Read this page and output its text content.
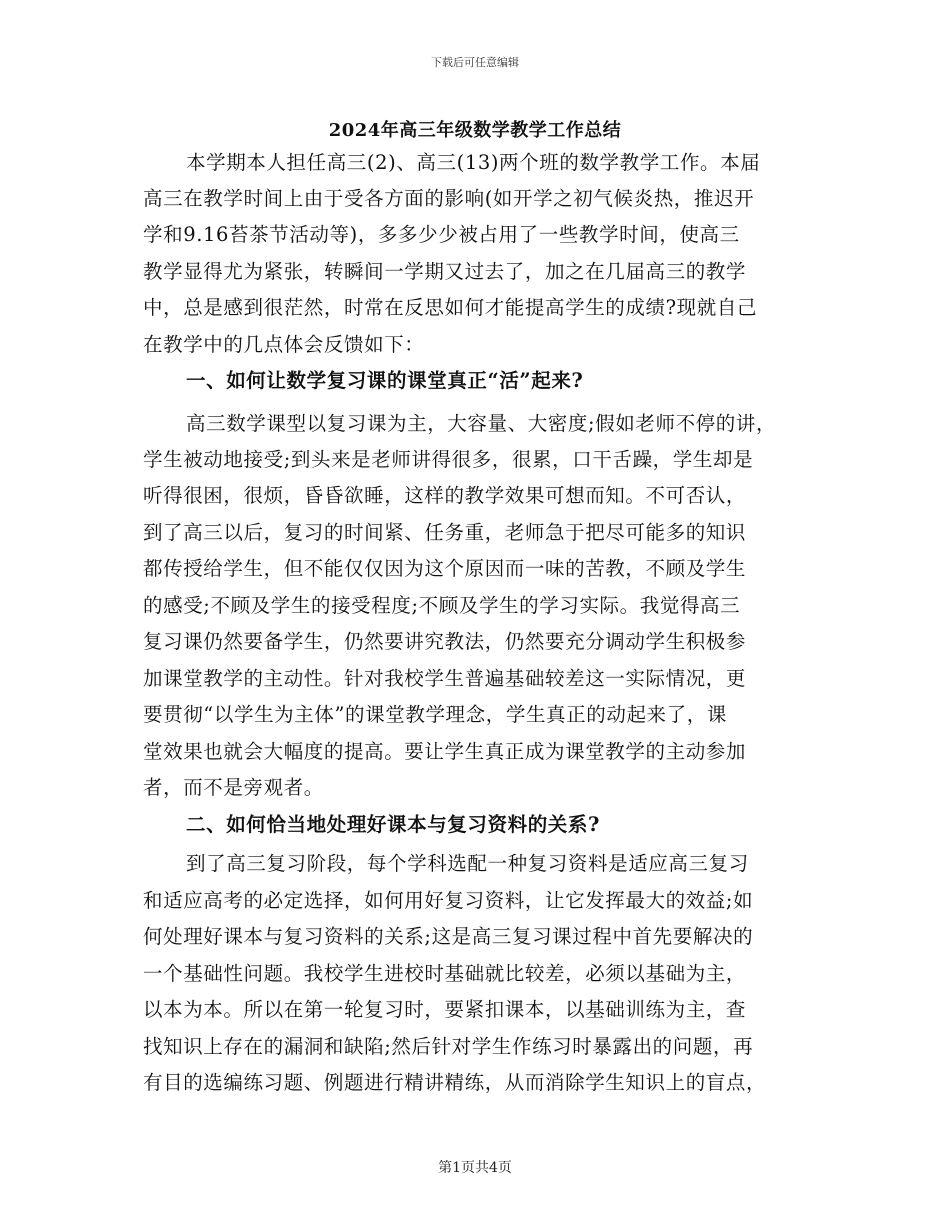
下载后可任意编辑
2024年高三年级数学教学工作总结
本学期本人担任高三(2)、高三(13)两个班的数学教学工作。本届
高三在教学时间上由于受各方面的影响(如开学之初气候炎热，推迟开
学和9.16苔茶节活动等)，多多少少被占用了一些教学时间，使高三
教学显得尤为紧张，转瞬间一学期又过去了，加之在几届高三的教学
中，总是感到很茫然，时常在反思如何才能提高学生的成绩?现就自己
在教学中的几点体会反馈如下：
一、如何让数学复习课的课堂真正“活”起来?
高三数学课型以复习课为主，大容量、大密度;假如老师不停的讲，
学生被动地接受;到头来是老师讲得很多，很累，口干舌躁，学生却是
听得很困，很烦，昏昏欲睡，这样的教学效果可想而知。不可否认，
到了高三以后，复习的时间紧、任务重，老师急于把尽可能多的知识
都传授给学生，但不能仅仅因为这个原因而一味的苦教，不顾及学生
的感受;不顾及学生的接受程度;不顾及学生的学习实际。我觉得高三
复习课仍然要备学生，仍然要讲究教法，仍然要充分调动学生积极参
加课堂教学的主动性。针对我校学生普遍基础较差这一实际情况，更
要贯彻“以学生为主体”的课堂教学理念，学生真正的动起来了，课
堂效果也就会大幅度的提高。要让学生真正成为课堂教学的主动参加
者，而不是旁观者。
二、如何恰当地处理好课本与复习资料的关系?
到了高三复习阶段，每个学科选配一种复习资料是适应高三复习
和适应高考的必定选择，如何用好复习资料，让它发挥最大的效益;如
何处理好课本与复习资料的关系;这是高三复习课过程中首先要解决的
一个基础性问题。我校学生进校时基础就比较差，必须以基础为主，
以本为本。所以在第一轮复习时，要紧扣课本，以基础训练为主，查
找知识上存在的漏洞和缺陷;然后针对学生作练习时暴露出的问题，再
有目的选编练习题、例题进行精讲精练，从而消除学生知识上的盲点，
第1页共4页
